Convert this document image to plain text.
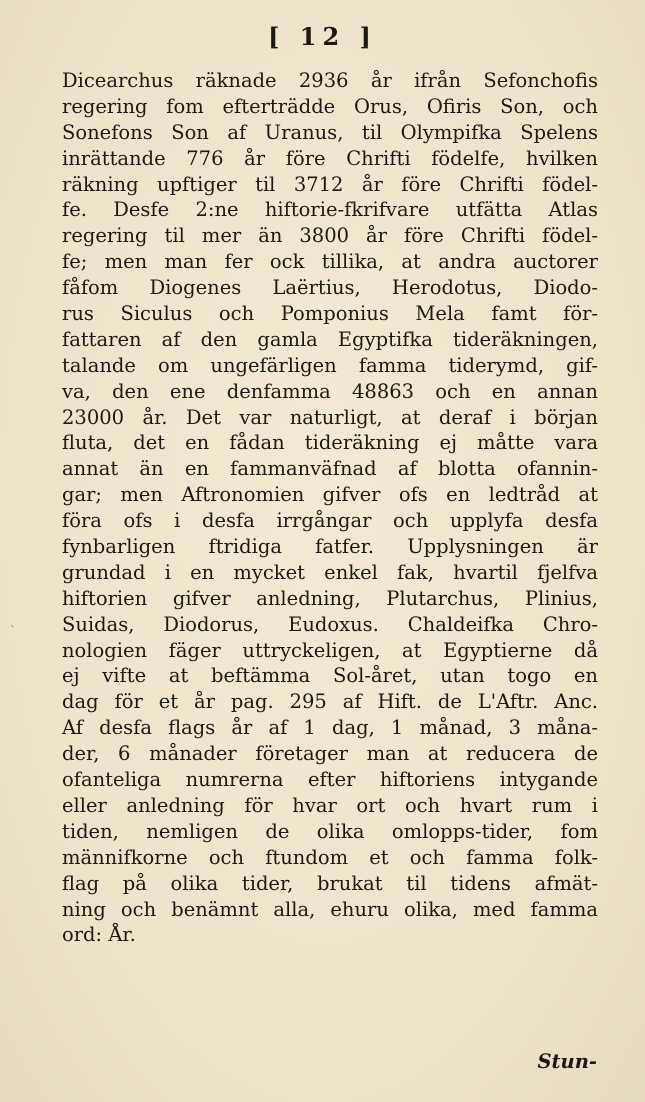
[ 12 ]
ˋ
Dicearchus räknade 2936 år ifrån Sefonchofis
regering fom efterträdde Orus, Ofiris Son, och
Sonefons Son af Uranus, til Olympifka Spelens
inrättande 776 år före Chrifti födelfe, hvilken
räkning upftiger til 3712 år före Chrifti födel-
fe. Desfe 2:ne hiftorie-fkrifvare utfätta Atlas
regering til mer än 3800 år före Chrifti födel-
fe; men man fer ock tillika, at andra auctorer
fåfom Diogenes Laërtius, Herodotus, Diodo-
rus Siculus och Pomponius Mela famt för-
fattaren af den gamla Egyptifka tideräkningen,
talande om ungefärligen famma tiderymd, gif-
va, den ene denfamma 48863 och en annan
23000 år. Det var naturligt, at deraf i början
fluta, det en fådan tideräkning ej måtte vara
annat än en fammanväfnad af blotta ofannin-
gar; men Aftronomien gifver ofs en ledtråd at
föra ofs i desfa irrgångar och upplyfa desfa
fynbarligen ftridiga fatfer. Upplysningen är
grundad i en mycket enkel fak, hvartil fjelfva
hiftorien gifver anledning, Plutarchus, Plinius,
Suidas, Diodorus, Eudoxus. Chaldeifka Chro-
nologien fäger uttryckeligen, at Egyptierne då
ej vifte at beftämma Sol-året, utan togo en
dag för et år pag. 295 af Hift. de L'Aftr. Anc.
Af desfa flags år af 1 dag, 1 månad, 3 måna-
der, 6 månader företager man at reducera de
ofanteliga numrerna efter hiftoriens intygande
eller anledning för hvar ort och hvart rum i
tiden, nemligen de olika omlopps-tider, fom
männifkorne och ftundom et och famma folk-
flag på olika tider, brukat til tidens afmät-
ning och benämnt alla, ehuru olika, med famma
ord: År.
Stun-
